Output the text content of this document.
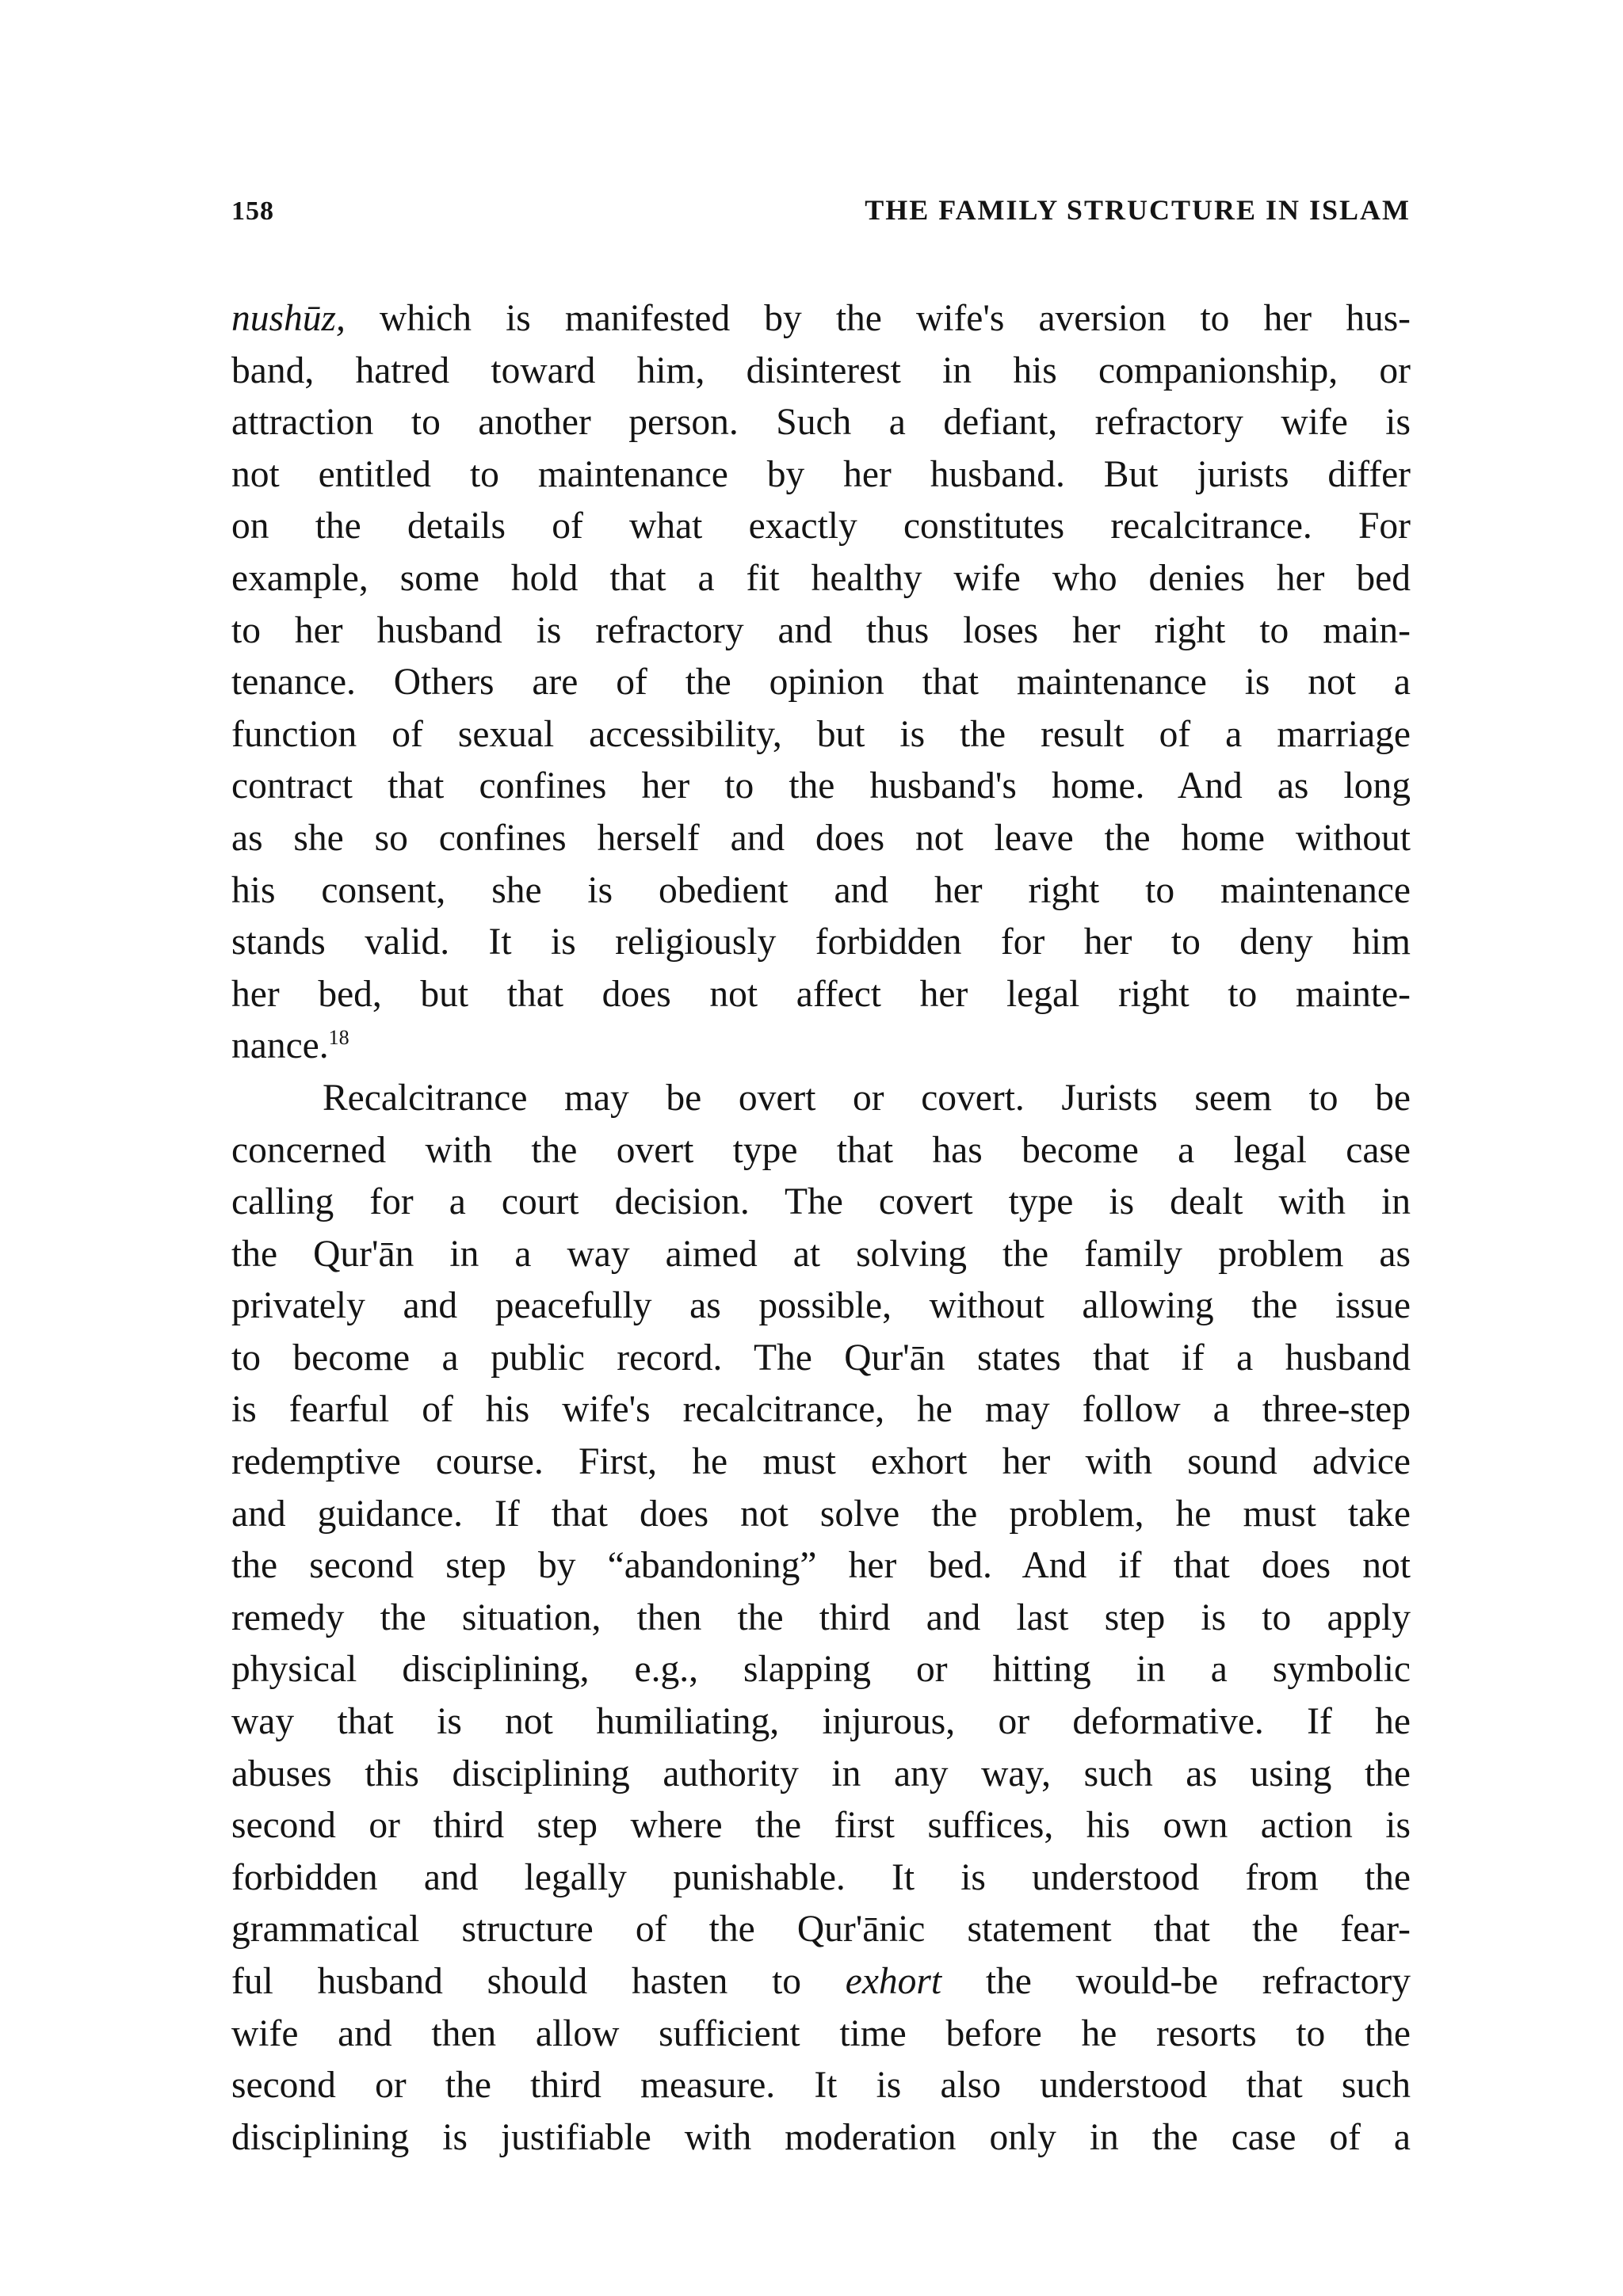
158	THE FAMILY STRUCTURE IN ISLAM
nushūz, which is manifested by the wife's aversion to her hus-
band, hatred toward him, disinterest in his companionship, or
attraction to another person. Such a defiant, refractory wife is
not entitled to maintenance by her husband. But jurists differ
on the details of what exactly constitutes recalcitrance. For
example, some hold that a fit healthy wife who denies her bed
to her husband is refractory and thus loses her right to main-
tenance. Others are of the opinion that maintenance is not a
function of sexual accessibility, but is the result of a marriage
contract that confines her to the husband's home. And as long
as she so confines herself and does not leave the home without
his consent, she is obedient and her right to maintenance
stands valid. It is religiously forbidden for her to deny him
her bed, but that does not affect her legal right to mainte-
nance.$^{18}$
Recalcitrance may be overt or covert. Jurists seem to be
concerned with the overt type that has become a legal case
calling for a court decision. The covert type is dealt with in
the Qur'ān in a way aimed at solving the family problem as
privately and peacefully as possible, without allowing the issue
to become a public record. The Qur'ān states that if a husband
is fearful of his wife's recalcitrance, he may follow a three-step
redemptive course. First, he must exhort her with sound advice
and guidance. If that does not solve the problem, he must take
the second step by “abandoning” her bed. And if that does not
remedy the situation, then the third and last step is to apply
physical disciplining, e.g., slapping or hitting in a symbolic
way that is not humiliating, injurous, or deformative. If he
abuses this disciplining authority in any way, such as using the
second or third step where the first suffices, his own action is
forbidden and legally punishable. It is understood from the
grammatical structure of the Qur'ānic statement that the fear-
ful husband should hasten to exhort the would-be refractory
wife and then allow sufficient time before he resorts to the
second or the third measure. It is also understood that such
disciplining is justifiable with moderation only in the case of a
